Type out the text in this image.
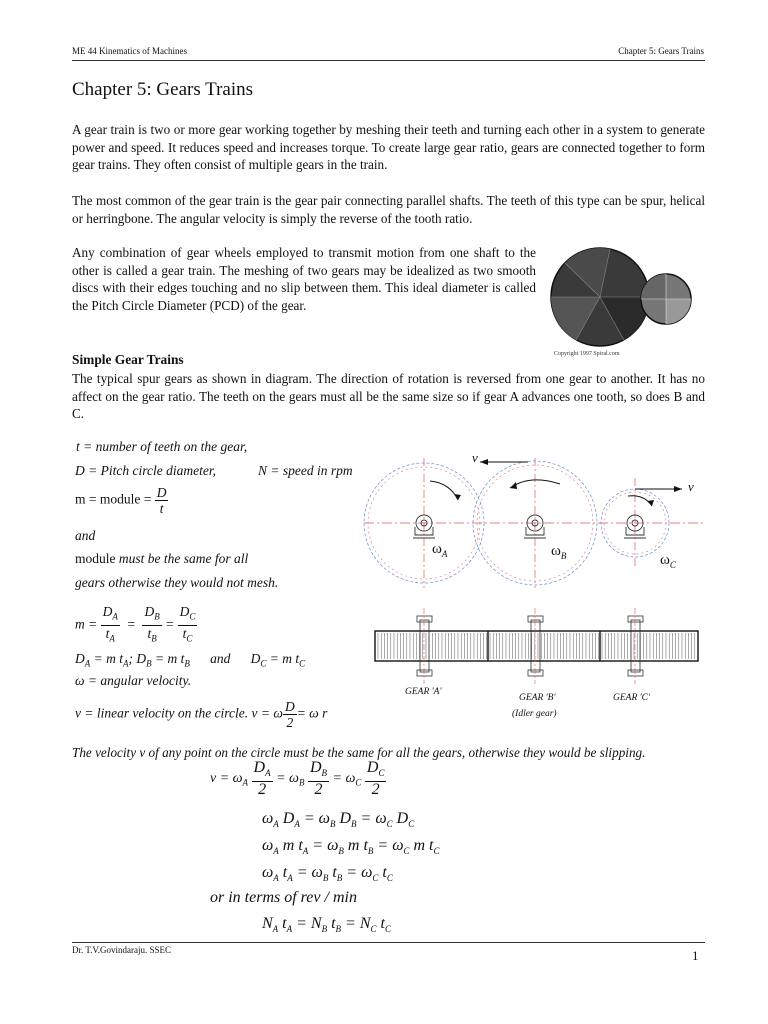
ME 44 Kinematics of Machines	Chapter 5: Gears Trains
Chapter 5: Gears Trains
A gear train is two or more gear working together by meshing their teeth and turning each other in a system to generate power and speed. It reduces speed and increases torque. To create large gear ratio, gears are connected together to form gear trains. They often consist of multiple gears in the train.
The most common of the gear train is the gear pair connecting parallel shafts. The teeth of this type can be spur, helical or herringbone. The angular velocity is simply the reverse of the tooth ratio.
Any combination of gear wheels employed to transmit motion from one shaft to the other is called a gear train. The meshing of two gears may be idealized as two smooth discs with their edges touching and no slip between them. This ideal diameter is called the Pitch Circle Diameter (PCD) of the gear.
Copyright 1997 Spiral.com
Simple Gear Trains
The typical spur gears as shown in diagram. The direction of rotation is reversed from one gear to another. It has no affect on the gear ratio. The teeth on the gears must all be the same size so if gear A advances one tooth, so does B and C.
t = number of teeth on the gear,
D = Pitch circle diameter,	N = speed in rpm
m = module = $\frac{D}{t}$
and
module must be the same for all
gears otherwise they would not mesh.
$m = \frac{D_A}{t_A} = \frac{D_B}{t_B} = \frac{D_C}{t_C}$
$D_A = m$ $t_A$; $D_B = m$ $t_B$ and $D_C = m$ $t_C$
ω = angular velocity.
v = linear velocity on the circle. v = ω $\frac{D}{2} = \omega$ r
v
v
$\omega_A$	$\omega_B$	$\omega_C$
GEAR 'A'
GEAR 'B'
(Idler gear)
GEAR 'C'
The velocity v of any point on the circle must be the same for all the gears, otherwise they would be slipping.
$v = \omega_A \frac{D_A}{2} = \omega_B \frac{D_B}{2} = \omega_C \frac{D_C}{2}$
$\omega_A$ $D_A = \omega_B$ $D_B = \omega_C$ $D_C$
$\omega_A$ m $t_A = \omega_B$ m $t_B = \omega_C$ m $t_C$
$\omega_A$ $t_A = \omega_B$ $t_B = \omega_C$ $t_C$
or in terms of rev / min
$N_A$ $t_A = N_B$ $t_B = N_C$ $t_C$
Dr. T.V.Govindaraju. SSEC	1
